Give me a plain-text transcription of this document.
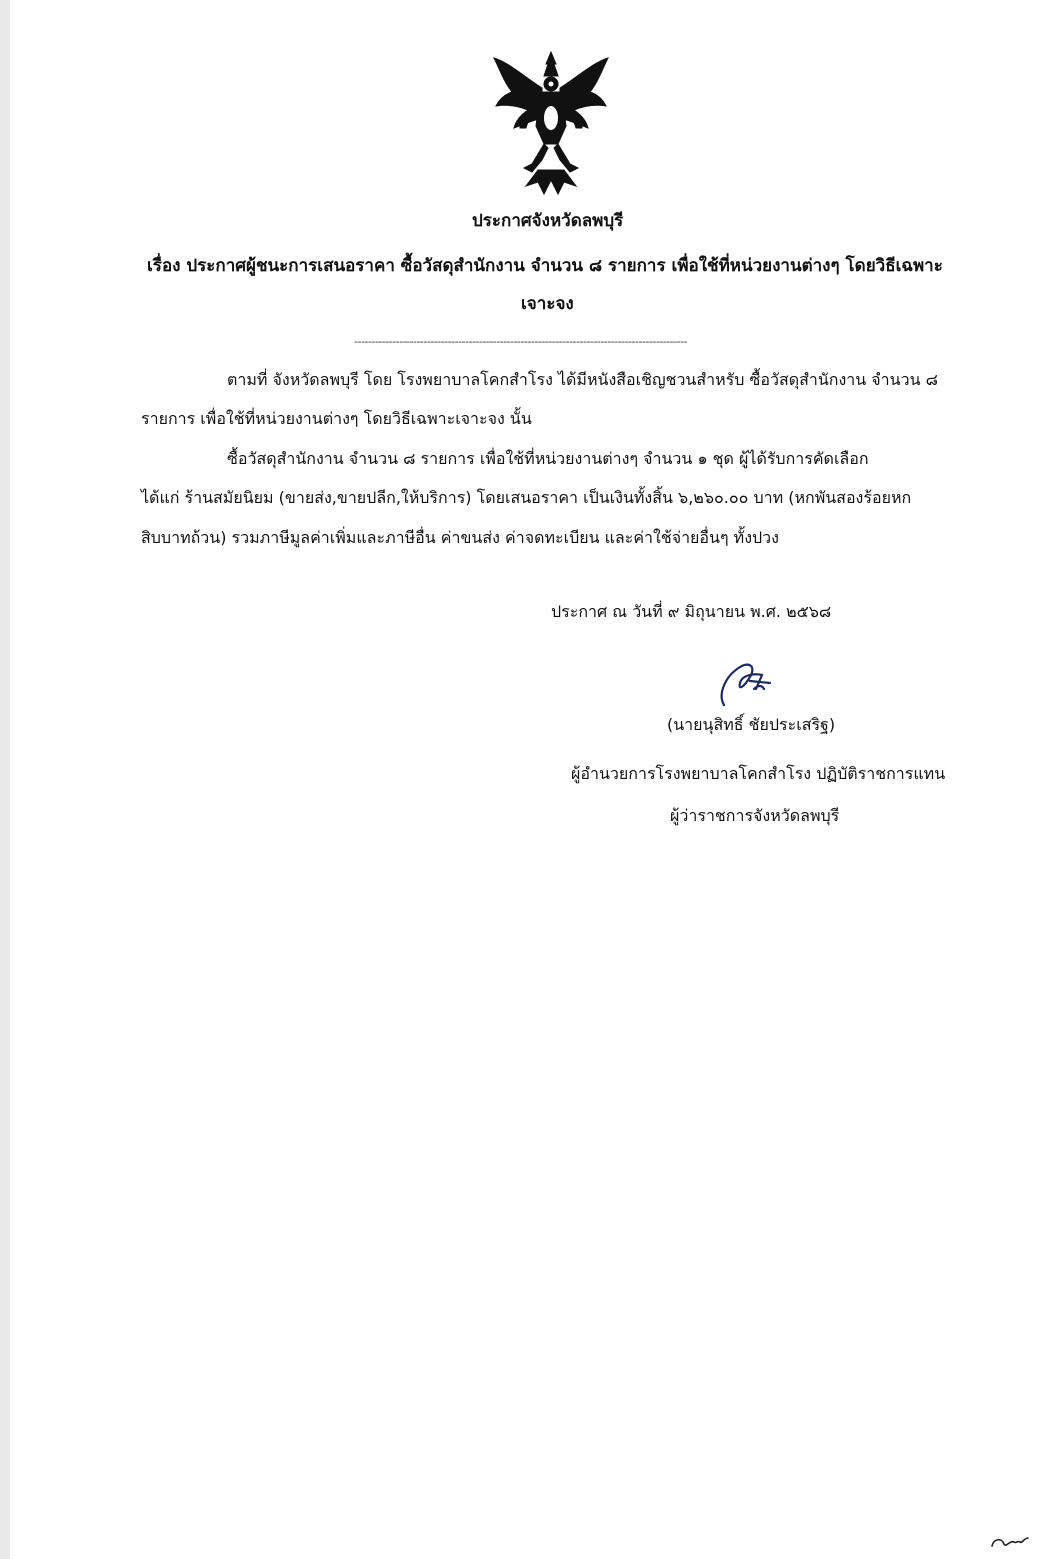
ประกาศจังหวัดลพบุรี
เรื่อง ประกาศผู้ชนะการเสนอราคา ซื้อวัสดุสำนักงาน จำนวน ๘ รายการ เพื่อใช้ที่หน่วยงานต่างๆ โดยวิธีเฉพาะ
เจาะจง
------------------------------------------------------------------------------------------------
ตามที่ จังหวัดลพบุรี โดย โรงพยาบาลโคกสำโรง ได้มีหนังสือเชิญชวนสำหรับ ซื้อวัสดุสำนักงาน จำนวน ๘
รายการ เพื่อใช้ที่หน่วยงานต่างๆ โดยวิธีเฉพาะเจาะจง นั้น
ซื้อวัสดุสำนักงาน จำนวน ๘ รายการ เพื่อใช้ที่หน่วยงานต่างๆ จำนวน ๑ ชุด ผู้ได้รับการคัดเลือก
ได้แก่ ร้านสมัยนิยม (ขายส่ง,ขายปลีก,ให้บริการ) โดยเสนอราคา เป็นเงินทั้งสิ้น ๖,๒๖๐.๐๐ บาท (หกพันสองร้อยหก
สิบบาทถ้วน) รวมภาษีมูลค่าเพิ่มและภาษีอื่น ค่าขนส่ง ค่าจดทะเบียน และค่าใช้จ่ายอื่นๆ ทั้งปวง
ประกาศ ณ วันที่ ๙ มิถุนายน พ.ศ. ๒๕๖๘
(นายนุสิทธิ์ ชัยประเสริฐ)
ผู้อำนวยการโรงพยาบาลโคกสำโรง ปฏิบัติราชการแทน
ผู้ว่าราชการจังหวัดลพบุรี
